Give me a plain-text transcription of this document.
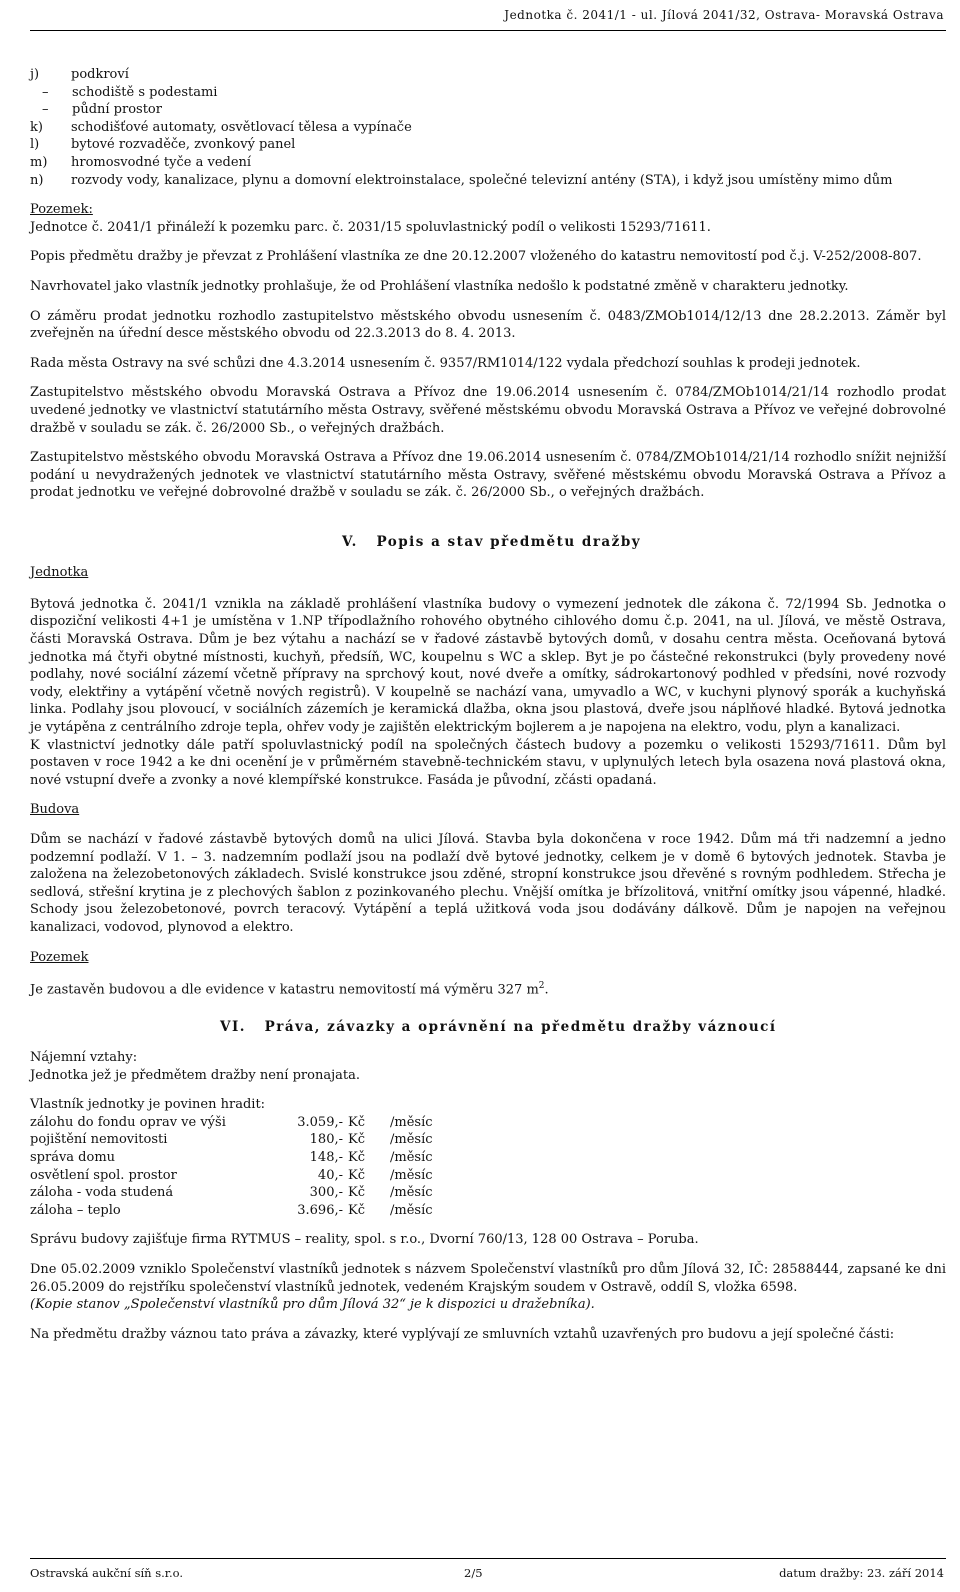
Jednotka č. 2041/1 - ul. Jílová 2041/32, Ostrava- Moravská Ostrava
j)	podkroví
– schodiště s podestami
– půdní prostor
k)	schodišťové automaty, osvětlovací tělesa a vypínače
l)	bytové rozvaděče, zvonkový panel
m)	hromosvodné tyče a vedení
n)	rozvody vody, kanalizace, plynu a domovní elektroinstalace, společné televizní antény (STA), i když jsou umístěny mimo dům

Pozemek:

Jednotce č. 2041/1 přináleží k pozemku parc. č. 2031/15 spoluvlastnický podíl o velikosti 15293/71611.

Popis předmětu dražby je převzat z Prohlášení vlastníka ze dne 20.12.2007 vloženého do katastru nemovitostí pod č.j. V-252/2008-807.

Navrhovatel jako vlastník jednotky prohlašuje, že od Prohlášení vlastníka nedošlo k podstatné změně v charakteru jednotky.

O záměru prodat jednotku rozhodlo zastupitelstvo městského obvodu usnesením č. 0483/ZMOb1014/12/13 dne 28.2.2013. Záměr byl zveřejněn na úřední desce městského obvodu od 22.3.2013 do 8. 4. 2013.

Rada města Ostravy na své schůzi dne 4.3.2014 usnesením č. 9357/RM1014/122 vydala předchozí souhlas k prodeji jednotek.

Zastupitelstvo městského obvodu Moravská Ostrava a Přívoz dne 19.06.2014 usnesením č. 0784/ZMOb1014/21/14 rozhodlo prodat uvedené jednotky ve vlastnictví statutárního města Ostravy, svěřené městskému obvodu Moravská Ostrava a Přívoz ve veřejné dobrovolné dražbě v souladu se zák. č. 26/2000 Sb., o veřejných dražbách.

Zastupitelstvo městského obvodu Moravská Ostrava a Přívoz dne 19.06.2014 usnesením č. 0784/ZMOb1014/21/14 rozhodlo snížit nejnižší podání u nevydražených jednotek ve vlastnictví statutárního města Ostravy, svěřené městskému obvodu Moravská Ostrava a Přívoz a prodat jednotku ve veřejné dobrovolné dražbě v souladu se zák. č. 26/2000 Sb., o veřejných dražbách.

V. Popis a stav předmětu dražby
Jednotka

Bytová jednotka č. 2041/1 vznikla na základě prohlášení vlastníka budovy o vymezení jednotek dle zákona č. 72/1994 Sb. Jednotka o dispoziční velikosti 4+1 je umístěna v 1.NP třípodlažního rohového obytného cihlového domu č.p. 2041, na ul. Jílová, ve městě Ostrava, části Moravská Ostrava. Dům je bez výtahu a nachází se v řadové zástavbě bytových domů, v dosahu centra města. Oceňovaná bytová jednotka má čtyři obytné místnosti, kuchyň, předsíň, WC, koupelnu s WC a sklep. Byt je po částečné rekonstrukci (byly provedeny nové podlahy, nové sociální zázemí včetně přípravy na sprchový kout, nové dveře a omítky, sádrokartonový podhled v předsíni, nové rozvody vody, elektřiny a vytápění včetně nových registrů). V koupelně se nachází vana, umyvadlo a WC, v kuchyni plynový sporák a kuchyňská linka. Podlahy jsou plovoucí, v sociálních zázemích je keramická dlažba, okna jsou plastová, dveře jsou náplňové hladké. Bytová jednotka je vytápěna z centrálního zdroje tepla, ohřev vody je zajištěn elektrickým bojlerem a je napojena na elektro, vodu, plyn a kanalizaci.

K vlastnictví jednotky dále patří spoluvlastnický podíl na společných částech budovy a pozemku o velikosti 15293/71611. Dům byl postaven v roce 1942 a ke dni ocenění je v průměrném stavebně-technickém stavu, v uplynulých letech byla osazena nová plastová okna, nové vstupní dveře a zvonky a nové klempířské konstrukce. Fasáda je původní, zčásti opadaná.

Budova

Dům se nachází v řadové zástavbě bytových domů na ulici Jílová. Stavba byla dokončena v roce 1942. Dům má tři nadzemní a jedno podzemní podlaží. V 1. – 3. nadzemním podlaží jsou na podlaží dvě bytové jednotky, celkem je v domě 6 bytových jednotek. Stavba je založena na železobetonových základech. Svislé konstrukce jsou zděné, stropní konstrukce jsou dřevěné s rovným podhledem. Střecha je sedlová, střešní krytina je z plechových šablon z pozinkovaného plechu. Vnější omítka je břízolitová, vnitřní omítky jsou vápenné, hladké. Schody jsou železobetonové, povrch teracový. Vytápění a teplá užitková voda jsou dodávány dálkově. Dům je napojen na veřejnou kanalizaci, vodovod, plynovod a elektro.

Pozemek

Je zastavěn budovou a dle evidence v katastru nemovitostí má výměru 327 $m^2$.

VI. Práva, závazky a oprávnění na předmětu dražby váznoucí

Nájemní vztahy:

Jednotka jež je předmětem dražby není pronajata.

Vlastník jednotky je povinen hradit:

zálohu do fondu oprav ve výši	3.059,-	Kč	/měsíc
pojištění nemovitosti	180,-	Kč	/měsíc
správa domu	148,-	Kč	/měsíc
osvětlení spol. prostor	40,-	Kč	/měsíc
záloha - voda studená	300,-	Kč	/měsíc
záloha – teplo	3.696,-	Kč	/měsíc

Správu budovy zajišťuje firma RYTMUS – reality, spol. s r.o., Dvorní 760/13, 128 00 Ostrava – Poruba.

Dne 05.02.2009 vzniklo Společenství vlastníků jednotek s názvem Společenství vlastníků pro dům Jílová 32, IČ: 28588444, zapsané ke dni 26.05.2009 do rejstříku společenství vlastníků jednotek, vedeném Krajským soudem v Ostravě, oddíl S, vložka 6598.

(Kopie stanov „Společenství vlastníků pro dům Jílová 32“ je k dispozici u dražebníka).

Na předmětu dražby váznou tato práva a závazky, které vyplývají ze smluvních vztahů uzavřených pro budovu a její společné části:

Ostravská aukční síň s.r.o.	2/5	datum dražby: 23. září 2014
